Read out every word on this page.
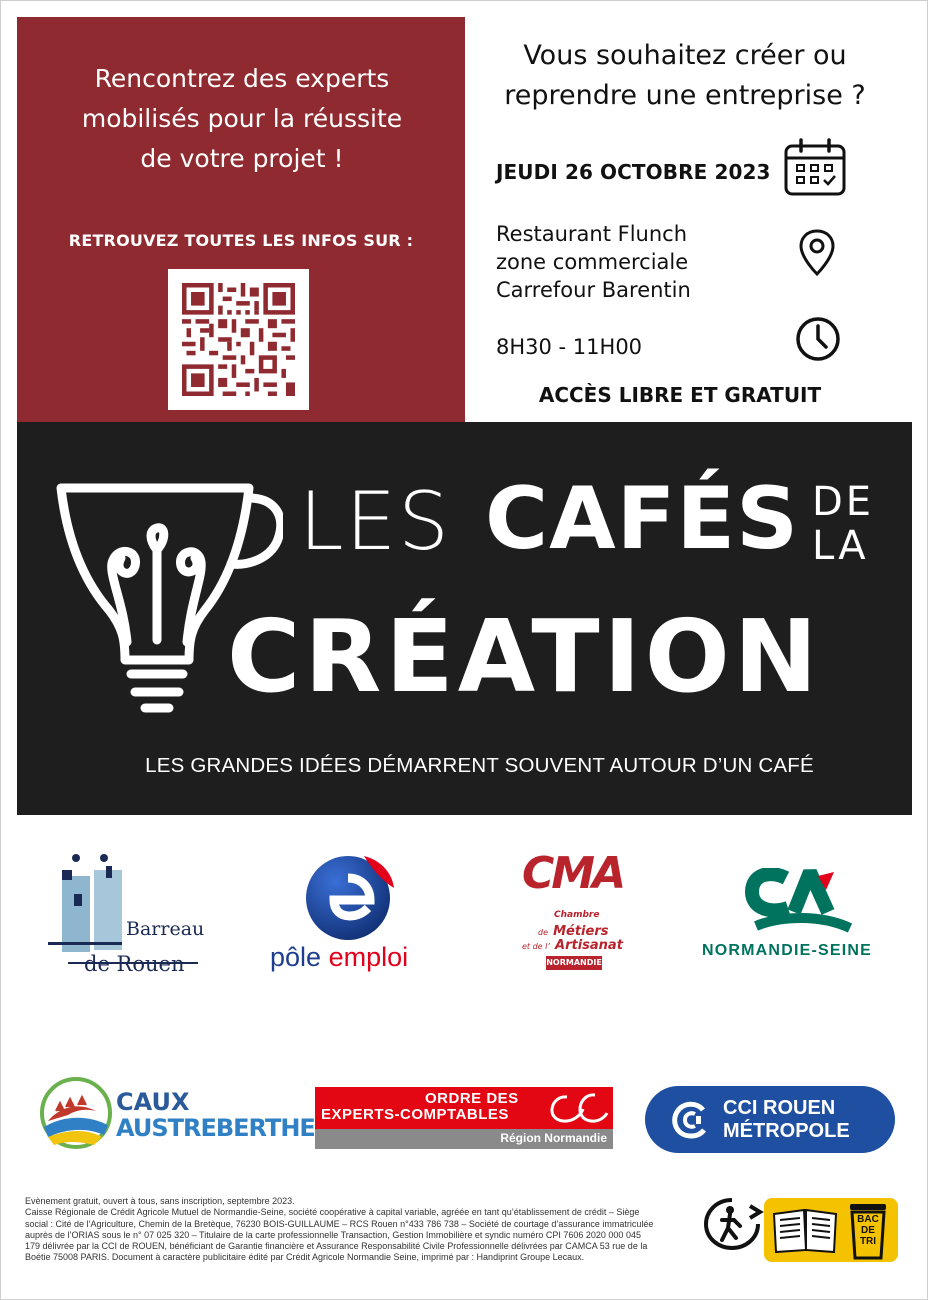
Rencontrez des experts
mobilisés pour la réussite
de votre projet !
RETROUVEZ TOUTES LES INFOS SUR :
Vous souhaitez créer ou
reprendre une entreprise ?
JEUDI 26 OCTOBRE 2023
Restaurant Flunch
zone commerciale
Carrefour Barentin
8H30 - 11H00
ACCÈS LIBRE ET GRATUIT
LES CAFÉS DE
LA
CRÉATION
LES GRANDES IDÉES DÉMARRENT SOUVENT AUTOUR D’UN CAFÉ
Barreau
de Rouen	pôle emploi
CMA
Chambre
de Métiers
et de l’ Artisanat
NORMANDIE
NORMANDIE-SEINE
CAUX
AUSTREBERTHE
ORDRE DES
EXPERTS-COMPTABLES
Région Normandie
CCI ROUEN
MÉTROPOLE

Evènement gratuit, ouvert à tous, sans inscription, septembre 2023.

Caisse Régionale de Crédit Agricole Mutuel de Normandie-Seine, société coopérative à capital variable, agréée en tant qu’établissement de crédit – Siège

social : Cité de l’Agriculture, Chemin de la Bretèque, 76230 BOIS-GUILLAUME – RCS Rouen n°433 786 738 – Société de courtage d’assurance immatriculée

auprès de l’ORIAS sous le n° 07 025 320 – Titulaire de la carte professionnelle Transaction, Gestion Immobilière et syndic numéro CPI 7606 2020 000 045

179 délivrée par la CCI de ROUEN, bénéficiant de Garantie financière et Assurance Responsabilité Civile Professionnelle délivrées par CAMCA 53 rue de la

Boétie 75008 PARIS. Document à caractère publicitaire édité par Crédit Agricole Normandie Seine, imprimé par : Handiprint Groupe Lecaux.

BAC
DE
TRI
